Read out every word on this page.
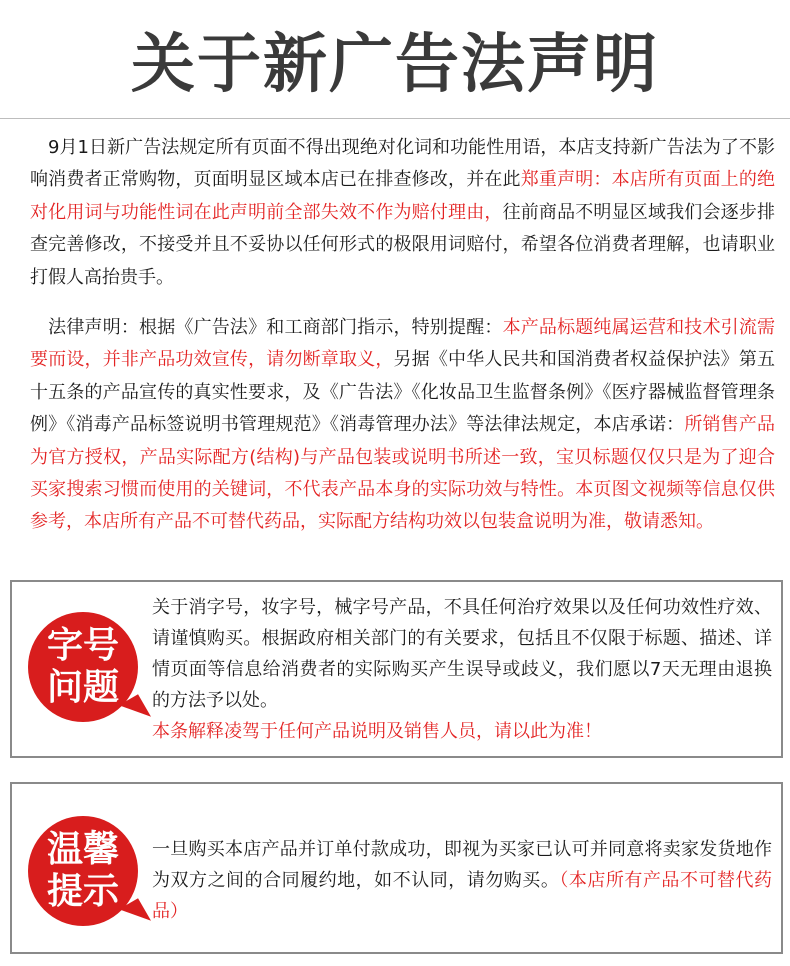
关于新广告法声明
9月1日新广告法规定所有页面不得出现绝对化词和功能性用语，本店支持新广告法为了不影响消费者正常购物，页面明显区域本店已在排查修改，并在此郑重声明：本店所有页面上的绝对化用词与功能性词在此声明前全部失效不作为赔付理由，往前商品不明显区域我们会逐步排查完善修改，不接受并且不妥协以任何形式的极限用词赔付，希望各位消费者理解，也请职业打假人高抬贵手。
法律声明：根据《广告法》和工商部门指示，特别提醒：本产品标题纯属运营和技术引流需要而设，并非产品功效宣传，请勿断章取义，另据《中华人民共和国消费者权益保护法》第五十五条的产品宣传的真实性要求，及《广告法》《化妆品卫生监督条例》《医疗器械监督管理条例》《消毒产品标签说明书管理规范》《消毒管理办法》等法律法规定，本店承诺：所销售产品为官方授权，产品实际配方(结构)与产品包装或说明书所述一致，宝贝标题仅仅只是为了迎合买家搜索习惯而使用的关键词，不代表产品本身的实际功效与特性。本页图文视频等信息仅供参考，本店所有产品不可替代药品，实际配方结构功效以包装盒说明为准，敬请悉知。
字号
问题
关于消字号，妆字号，械字号产品，不具任何治疗效果以及任何功效性疗效、请谨慎购买。根据政府相关部门的有关要求，包括且不仅限于标题、描述、详情页面等信息给消费者的实际购买产生误导或歧义，我们愿以7天无理由退换的方法予以处。
本条解释凌驾于任何产品说明及销售人员，请以此为准！
温馨
提示
一旦购买本店产品并订单付款成功，即视为买家已认可并同意将卖家发货地作为双方之间的合同履约地，如不认同，请勿购买。（本店所有产品不可替代药品）
